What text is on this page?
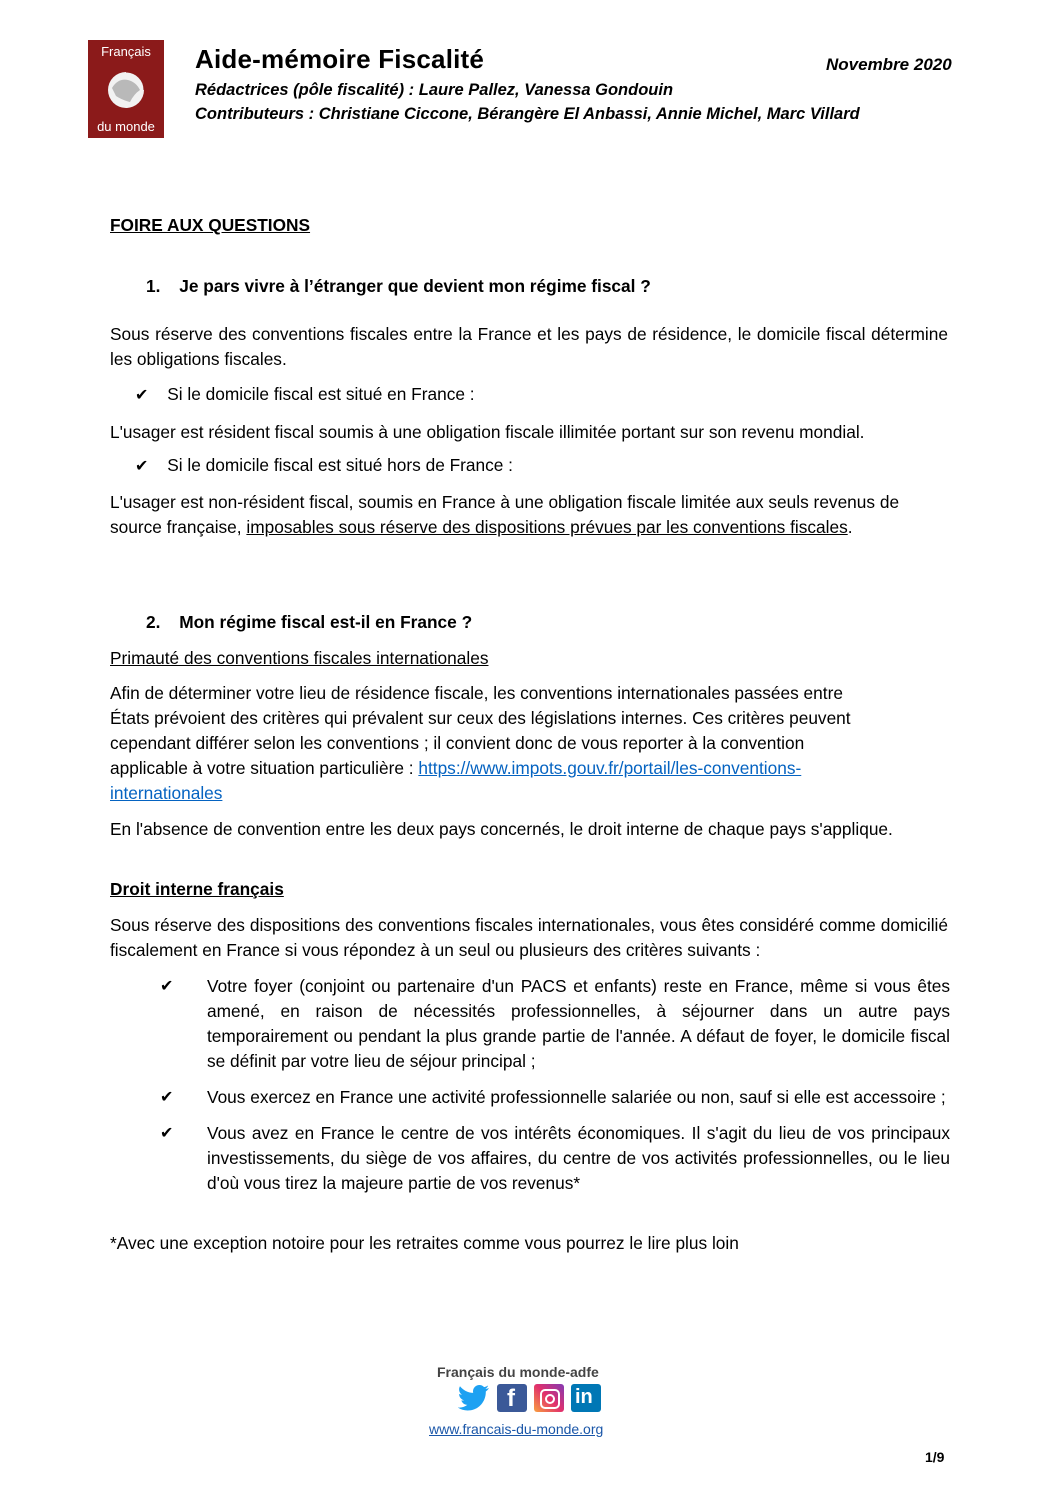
Français
du monde
Aide-mémoire Fiscalité	Novembre 2020
Rédactrices (pôle fiscalité) : Laure Pallez, Vanessa Gondouin
Contributeurs : Christiane Ciccone, Bérangère El Anbassi, Annie Michel, Marc Villard
FOIRE AUX QUESTIONS
1. Je pars vivre à l’étranger que devient mon régime fiscal ?
Sous réserve des conventions fiscales entre la France et les pays de résidence, le domicile fiscal détermine les obligations fiscales.
✔ Si le domicile fiscal est situé en France :
L'usager est résident fiscal soumis à une obligation fiscale illimitée portant sur son revenu mondial.
✔ Si le domicile fiscal est situé hors de France :
L'usager est non-résident fiscal, soumis en France à une obligation fiscale limitée aux seuls revenus de source française, imposables sous réserve des dispositions prévues par les conventions fiscales.
2. Mon régime fiscal est-il en France ?
Primauté des conventions fiscales internationales
Afin de déterminer votre lieu de résidence fiscale, les conventions internationales passées entre
États prévoient des critères qui prévalent sur ceux des législations internes. Ces critères peuvent
cependant différer selon les conventions ; il convient donc de vous reporter à la convention
applicable à votre situation particulière : https://www.impots.gouv.fr/portail/les-conventions-
internationales
En l'absence de convention entre les deux pays concernés, le droit interne de chaque pays s'applique.
Droit interne français
Sous réserve des dispositions des conventions fiscales internationales, vous êtes considéré comme domicilié fiscalement en France si vous répondez à un seul ou plusieurs des critères suivants :
✔	Votre foyer (conjoint ou partenaire d'un PACS et enfants) reste en France, même si vous êtes amené, en raison de nécessités professionnelles, à séjourner dans un autre pays temporairement ou pendant la plus grande partie de l'année. A défaut de foyer, le domicile fiscal se définit par votre lieu de séjour principal ;
✔	Vous exercez en France une activité professionnelle salariée ou non, sauf si elle est accessoire ;
✔	Vous avez en France le centre de vos intérêts économiques. Il s'agit du lieu de vos principaux investissements, du siège de vos affaires, du centre de vos activités professionnelles, ou le lieu d'où vous tirez la majeure partie de vos revenus*
*Avec une exception notoire pour les retraites comme vous pourrez le lire plus loin
Français du monde-adfe
f	in
www.francais-du-monde.org
1/9
